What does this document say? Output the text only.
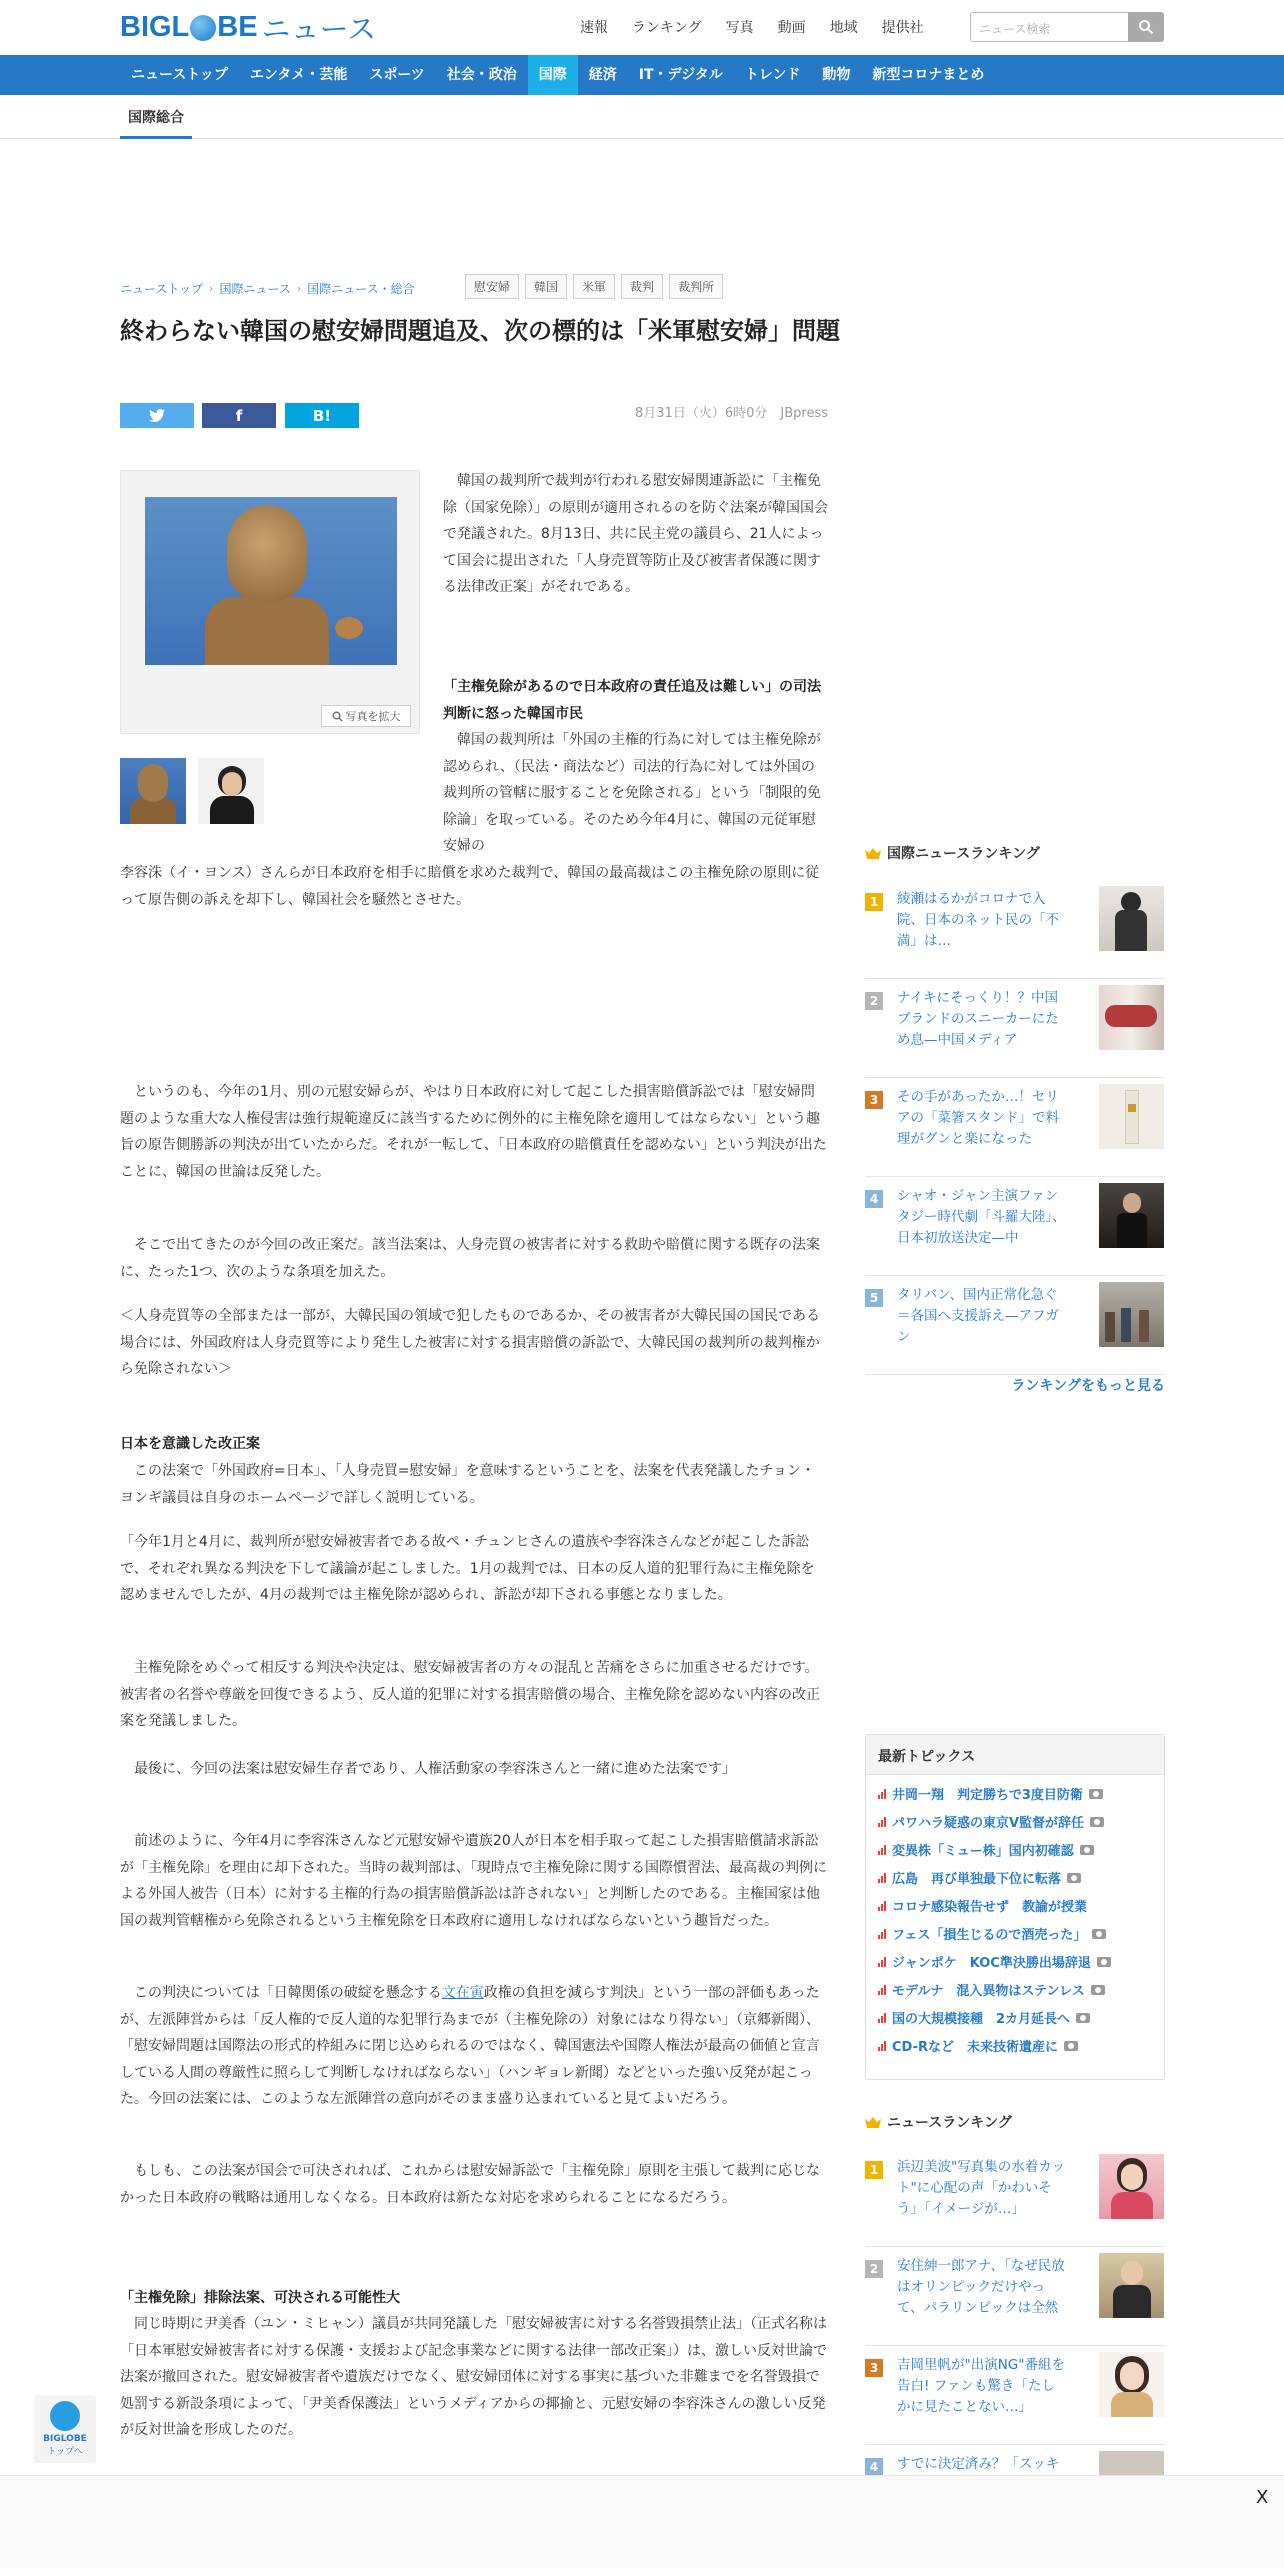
BIGL BE ニュース	速報 ランキング 写真 動画 地域 提供社	ニュース検索
ニューストップ	エンタメ・芸能	スポーツ	社会・政治	国際	経済	IT・デジタル	トレンド	動物	新型コロナまとめ
国際総合
ニューストップ › 国際ニュース › 国際ニュース・総合	慰安婦	韓国	米軍	裁判	裁判所
終わらない韓国の慰安婦問題追及、次の標的は「米軍慰安婦」問題
f	B!	8月31日（火）6時0分　 JBpress
写真を拡大

韓国の裁判所で裁判が行われる慰安婦関連訴訟に「主権免除（国家免除）」の原則が適用されるのを防ぐ法案が韓国国会で発議された。8月13日、共に民主党の議員ら、21人によって国会に提出された「人身売買等防止及び被害者保護に関する法律改正案」がそれである。

「主権免除があるので日本政府の責任追及は難しい」の司法判断に怒った韓国市民

韓国の裁判所は「外国の主権的行為に対しては主権免除が認められ、（民法・商法など）司法的行為に対しては外国の裁判所の管轄に服することを免除される」という「制限的免除論」を取っている。そのため今年4月に、韓国の元従軍慰安婦の

李容洙（イ・ヨンス）さんらが日本政府を相手に賠償を求めた裁判で、韓国の最高裁はこの主権免除の原則に従って原告側の訴えを却下し、韓国社会を騒然とさせた。

というのも、今年の1月、別の元慰安婦らが、やはり日本政府に対して起こした損害賠償訴訟では「慰安婦問題のような重大な人権侵害は強行規範違反に該当するために例外的に主権免除を適用してはならない」という趣旨の原告側勝訴の判決が出ていたからだ。それが一転して、「日本政府の賠償責任を認めない」という判決が出たことに、韓国の世論は反発した。

そこで出てきたのが今回の改正案だ。該当法案は、人身売買の被害者に対する救助や賠償に関する既存の法案に、たった1つ、次のような条項を加えた。

＜人身売買等の全部または一部が、大韓民国の領域で犯したものであるか、その被害者が大韓民国の国民である場合には、外国政府は人身売買等により発生した被害に対する損害賠償の訴訟で、大韓民国の裁判所の裁判権から免除されない＞

日本を意識した改正案

この法案で「外国政府=日本」、「人身売買=慰安婦」を意味するということを、法案を代表発議したチョン・ヨンギ議員は自身のホームページで詳しく説明している。

「今年1月と4月に、裁判所が慰安婦被害者である故ペ・チュンヒさんの遺族や李容洙さんなどが起こした訴訟で、それぞれ異なる判決を下して議論が起こしました。1月の裁判では、日本の反人道的犯罪行為に主権免除を認めませんでしたが、4月の裁判では主権免除が認められ、訴訟が却下される事態となりました。

主権免除をめぐって相反する判決や決定は、慰安婦被害者の方々の混乱と苦痛をさらに加重させるだけです。被害者の名誉や尊厳を回復できるよう、反人道的犯罪に対する損害賠償の場合、主権免除を認めない内容の改正案を発議しました。

最後に、今回の法案は慰安婦生存者であり、人権活動家の李容洙さんと一緒に進めた法案です」

前述のように、今年4月に李容洙さんなど元慰安婦や遺族20人が日本を相手取って起こした損害賠償請求訴訟が「主権免除」を理由に却下された。当時の裁判部は、「現時点で主権免除に関する国際慣習法、最高裁の判例による外国人被告（日本）に対する主権的行為の損害賠償訴訟は許されない」と判断したのである。主権国家は他国の裁判管轄権から免除されるという主権免除を日本政府に適用しなければならないという趣旨だった。

この判決については「日韓関係の破綻を懸念する文在寅政権の負担を減らす判決」という一部の評価もあったが、左派陣営からは「反人権的で反人道的な犯罪行為までが（主権免除の）対象にはなり得ない」（京郷新聞）、「慰安婦問題は国際法の形式的枠組みに閉じ込められるのではなく、韓国憲法や国際人権法が最高の価値と宣言している人間の尊厳性に照らして判断しなければならない」（ハンギョレ新聞）などといった強い反発が起こった。今回の法案には、このような左派陣営の意向がそのまま盛り込まれていると見てよいだろう。

もしも、この法案が国会で可決されれば、これからは慰安婦訴訟で「主権免除」原則を主張して裁判に応じなかった日本政府の戦略は通用しなくなる。日本政府は新たな対応を求められることになるだろう。

「主権免除」排除法案、可決される可能性大

同じ時期に尹美香（ユン・ミヒャン）議員が共同発議した「慰安婦被害に対する名誉毀損禁止法」（正式名称は「日本軍慰安婦被害者に対する保護・支援および記念事業などに関する法律一部改正案」）は、激しい反対世論で法案が撤回された。慰安婦被害者や遺族だけでなく、慰安婦団体に対する事実に基づいた非難までを名誉毀損で処罰する新設条項によって、「尹美香保護法」というメディアからの揶揄と、元慰安婦の李容洙さんの激しい反発が反対世論を形成したのだ。

国際ニュースランキング
1	綾瀬はるかがコロナで入院、日本のネット民の「不満」は…
2	ナイキにそっくり！？中国ブランドのスニーカーにため息—中国メディア
3	その手があったか…！セリアの「菜箸スタンド」で料理がグンと楽になった
4	シャオ・ジャン主演ファンタジー時代劇「斗羅大陸」、日本初放送決定—中
5	タリバン、国内正常化急ぐ＝各国へ支援訴え—アフガン
ランキングをもっと見る
最新トピックス
井岡一翔　判定勝ちで3度目防衛
パワハラ疑惑の東京V監督が辞任
変異株「ミュー株」国内初確認
広島　再び単独最下位に転落
コロナ感染報告せず　教諭が授業
フェス「損生じるので酒売った」
ジャンポケ　KOC準決勝出場辞退
モデルナ　混入異物はステンレス
国の大規模接種　2カ月延長へ
CD-Rなど　未来技術遺産に
ニュースランキング
1	浜辺美波"写真集の水着カット"に心配の声「かわいそう」「イメージが…」
2	安住紳一郎アナ、「なぜ民放はオリンピックだけやって、パラリンピックは全然
3	吉岡里帆が"出演NG"番組を告白! ファンも驚き「たしかに見たことない…」
4	すでに決定済み？「スッキ
BIGLOBE
トップへ
X
